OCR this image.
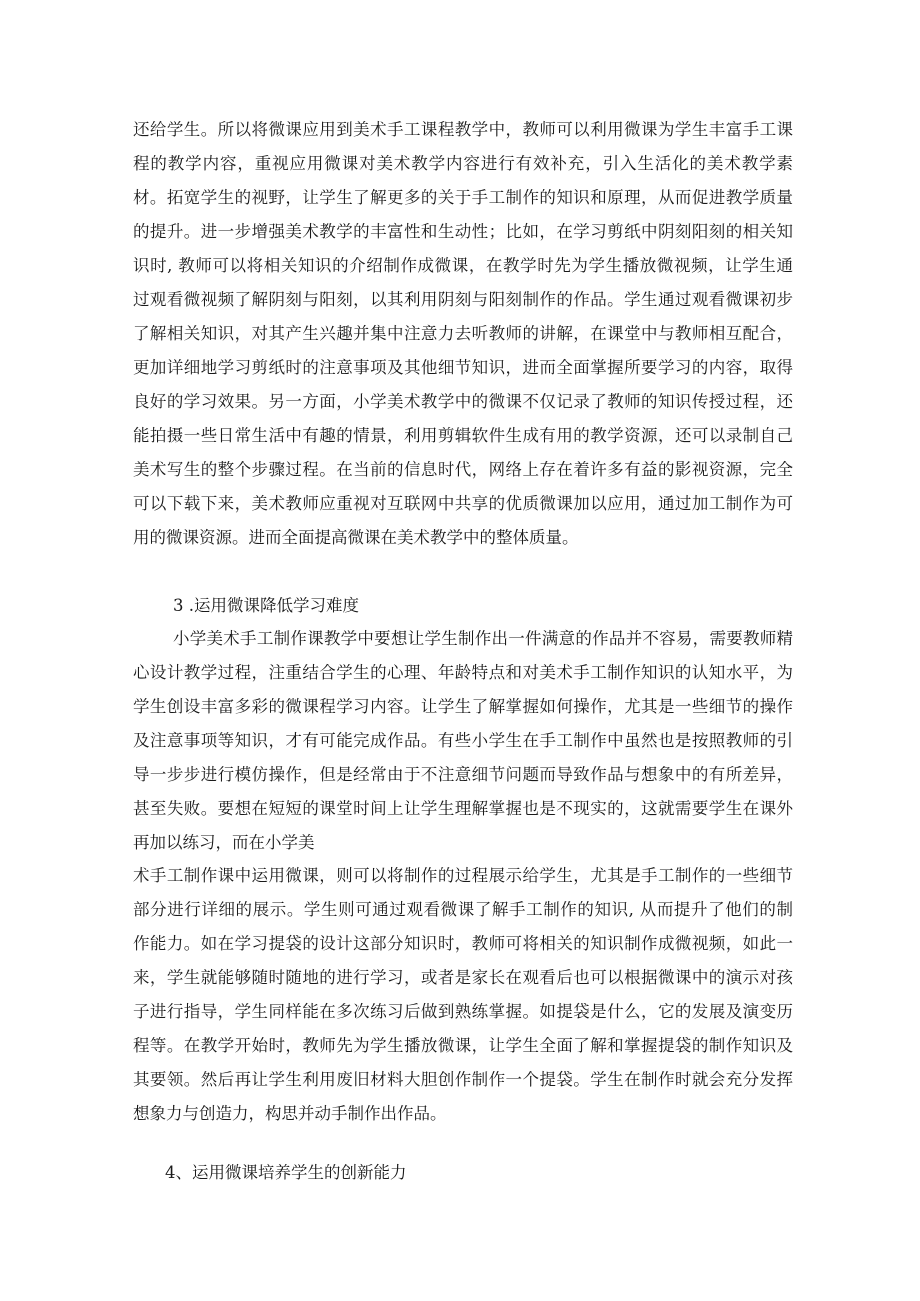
还给学生。所以将微课应用到美术手工课程教学中，教师可以利用微课为学生丰富手工课
程的教学内容，重视应用微课对美术教学内容进行有效补充，引入生活化的美术教学素
材。拓宽学生的视野，让学生了解更多的关于手工制作的知识和原理，从而促进教学质量
的提升。进一步增强美术教学的丰富性和生动性；比如，在学习剪纸中阴刻阳刻的相关知
识时, 教师可以将相关知识的介绍制作成微课，在教学时先为学生播放微视频，让学生通
过观看微视频了解阴刻与阳刻，以其利用阴刻与阳刻制作的作品。学生通过观看微课初步
了解相关知识，对其产生兴趣并集中注意力去听教师的讲解，在课堂中与教师相互配合，
更加详细地学习剪纸时的注意事项及其他细节知识，进而全面掌握所要学习的内容，取得
良好的学习效果。另一方面，小学美术教学中的微课不仅记录了教师的知识传授过程，还
能拍摄一些日常生活中有趣的情景，利用剪辑软件生成有用的教学资源，还可以录制自己
美术写生的整个步骤过程。在当前的信息时代，网络上存在着许多有益的影视资源，完全
可以下载下来，美术教师应重视对互联网中共享的优质微课加以应用，通过加工制作为可
用的微课资源。进而全面提高微课在美术教学中的整体质量。
3 .运用微课降低学习难度
小学美术手工制作课教学中要想让学生制作出一件满意的作品并不容易，需要教师精
心设计教学过程，注重结合学生的心理、年龄特点和对美术手工制作知识的认知水平，为
学生创设丰富多彩的微课程学习内容。让学生了解掌握如何操作，尤其是一些细节的操作
及注意事项等知识，才有可能完成作品。有些小学生在手工制作中虽然也是按照教师的引
导一步步进行模仿操作，但是经常由于不注意细节问题而导致作品与想象中的有所差异，
甚至失败。要想在短短的课堂时间上让学生理解掌握也是不现实的，这就需要学生在课外
再加以练习，而在小学美
术手工制作课中运用微课，则可以将制作的过程展示给学生，尤其是手工制作的一些细节
部分进行详细的展示。学生则可通过观看微课了解手工制作的知识, 从而提升了他们的制
作能力。如在学习提袋的设计这部分知识时，教师可将相关的知识制作成微视频，如此一
来，学生就能够随时随地的进行学习，或者是家长在观看后也可以根据微课中的演示对孩
子进行指导，学生同样能在多次练习后做到熟练掌握。如提袋是什么，它的发展及演变历
程等。在教学开始时，教师先为学生播放微课，让学生全面了解和掌握提袋的制作知识及
其要领。然后再让学生利用废旧材料大胆创作制作一个提袋。学生在制作时就会充分发挥
想象力与创造力，构思并动手制作出作品。
4、运用微课培养学生的创新能力
